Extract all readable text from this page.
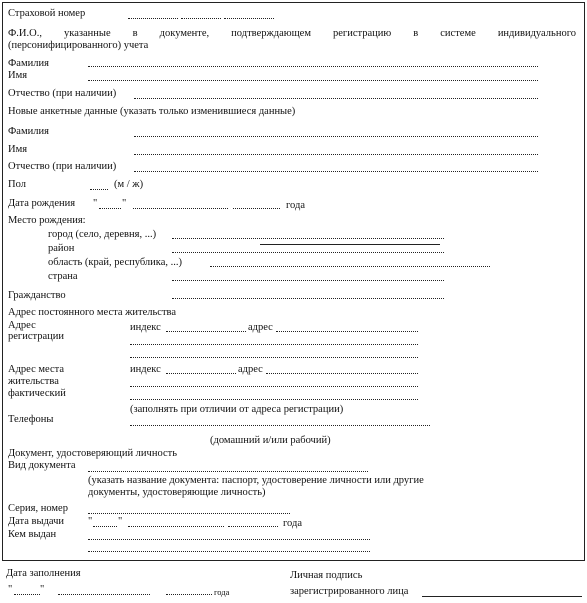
Страховой номер
Ф.И.О., указанные в документе, подтверждающем регистрацию в системе индивидуального
(персонифицированного) учета
Фамилия
Имя
Отчество (при наличии)
Новые анкетные данные (указать только изменившиеся данные)
Фамилия
Имя
Отчество (при наличии)
Пол	(м / ж)
Дата рождения " "	года
Место рождения:
город (село, деревня, ...)
район
область (край, республика, ...)
страна
Гражданство
Адрес постоянного места жительства
Адрес
регистрации
индекс	адрес
Адрес места
жительства
фактический
индекс	адрес
(заполнять при отличии от адреса регистрации)
Телефоны
(домашний и/или рабочий)
Документ, удостоверяющий личность
Вид документа
(указать название документа: паспорт, удостоверение личности или другие
документы, удостоверяющие личность)
Серия, номер
Дата выдачи " "	года
Кем выдан
Дата заполнения
"	"	года
Личная подпись
зарегистрированного лица
